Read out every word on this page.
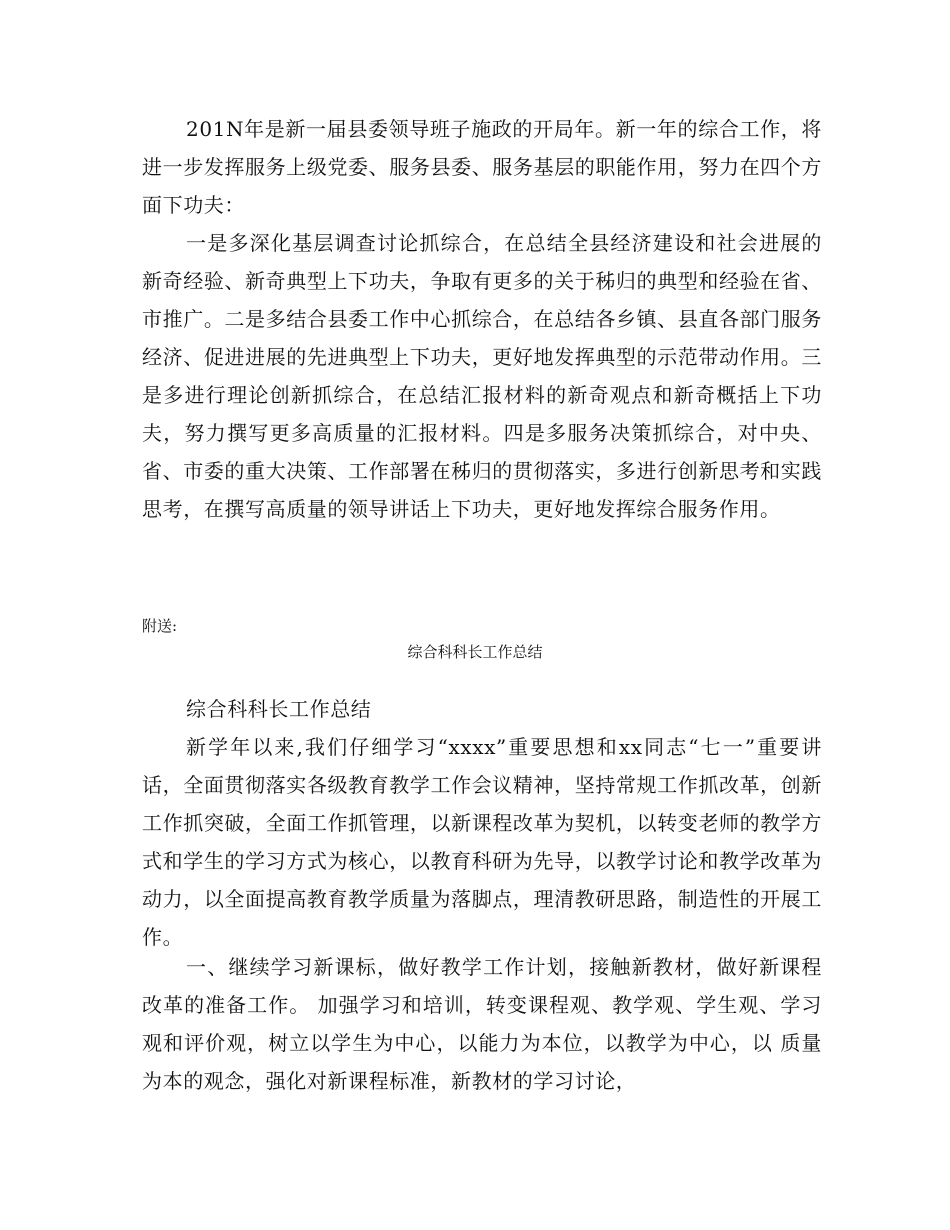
201N年是新一届县委领导班子施政的开局年。新一年的综合工作，将进一步发挥服务上级党委、服务县委、服务基层的职能作用，努力在四个方面下功夫：

一是多深化基层调查讨论抓综合，在总结全县经济建设和社会进展的新奇经验、新奇典型上下功夫，争取有更多的关于秭归的典型和经验在省、市推广。二是多结合县委工作中心抓综合，在总结各乡镇、县直各部门服务经济、促进进展的先进典型上下功夫，更好地发挥典型的示范带动作用。三是多进行理论创新抓综合，在总结汇报材料的新奇观点和新奇概括上下功夫，努力撰写更多高质量的汇报材料。四是多服务决策抓综合，对中央、省、市委的重大决策、工作部署在秭归的贯彻落实，多进行创新思考和实践思考，在撰写高质量的领导讲话上下功夫，更好地发挥综合服务作用。

附送:

综合科科长工作总结

综合科科长工作总结

新学年以来,我们仔细学习“xxxx”重要思想和xx同志“七一”重要讲话，全面贯彻落实各级教育教学工作会议精神，坚持常规工作抓改革，创新工作抓突破，全面工作抓管理，以新课程改革为契机，以转变老师的教学方式和学生的学习方式为核心，以教育科研为先导，以教学讨论和教学改革为动力，以全面提高教育教学质量为落脚点，理清教研思路，制造性的开展工作。

一、继续学习新课标，做好教学工作计划，接触新教材，做好新课程改革的准备工作。 加强学习和培训，转变课程观、教学观、学生观、学习观和评价观，树立以学生为中心，以能力为本位，以教学为中心，以 质量为本的观念，强化对新课程标准，新教材的学习讨论，
